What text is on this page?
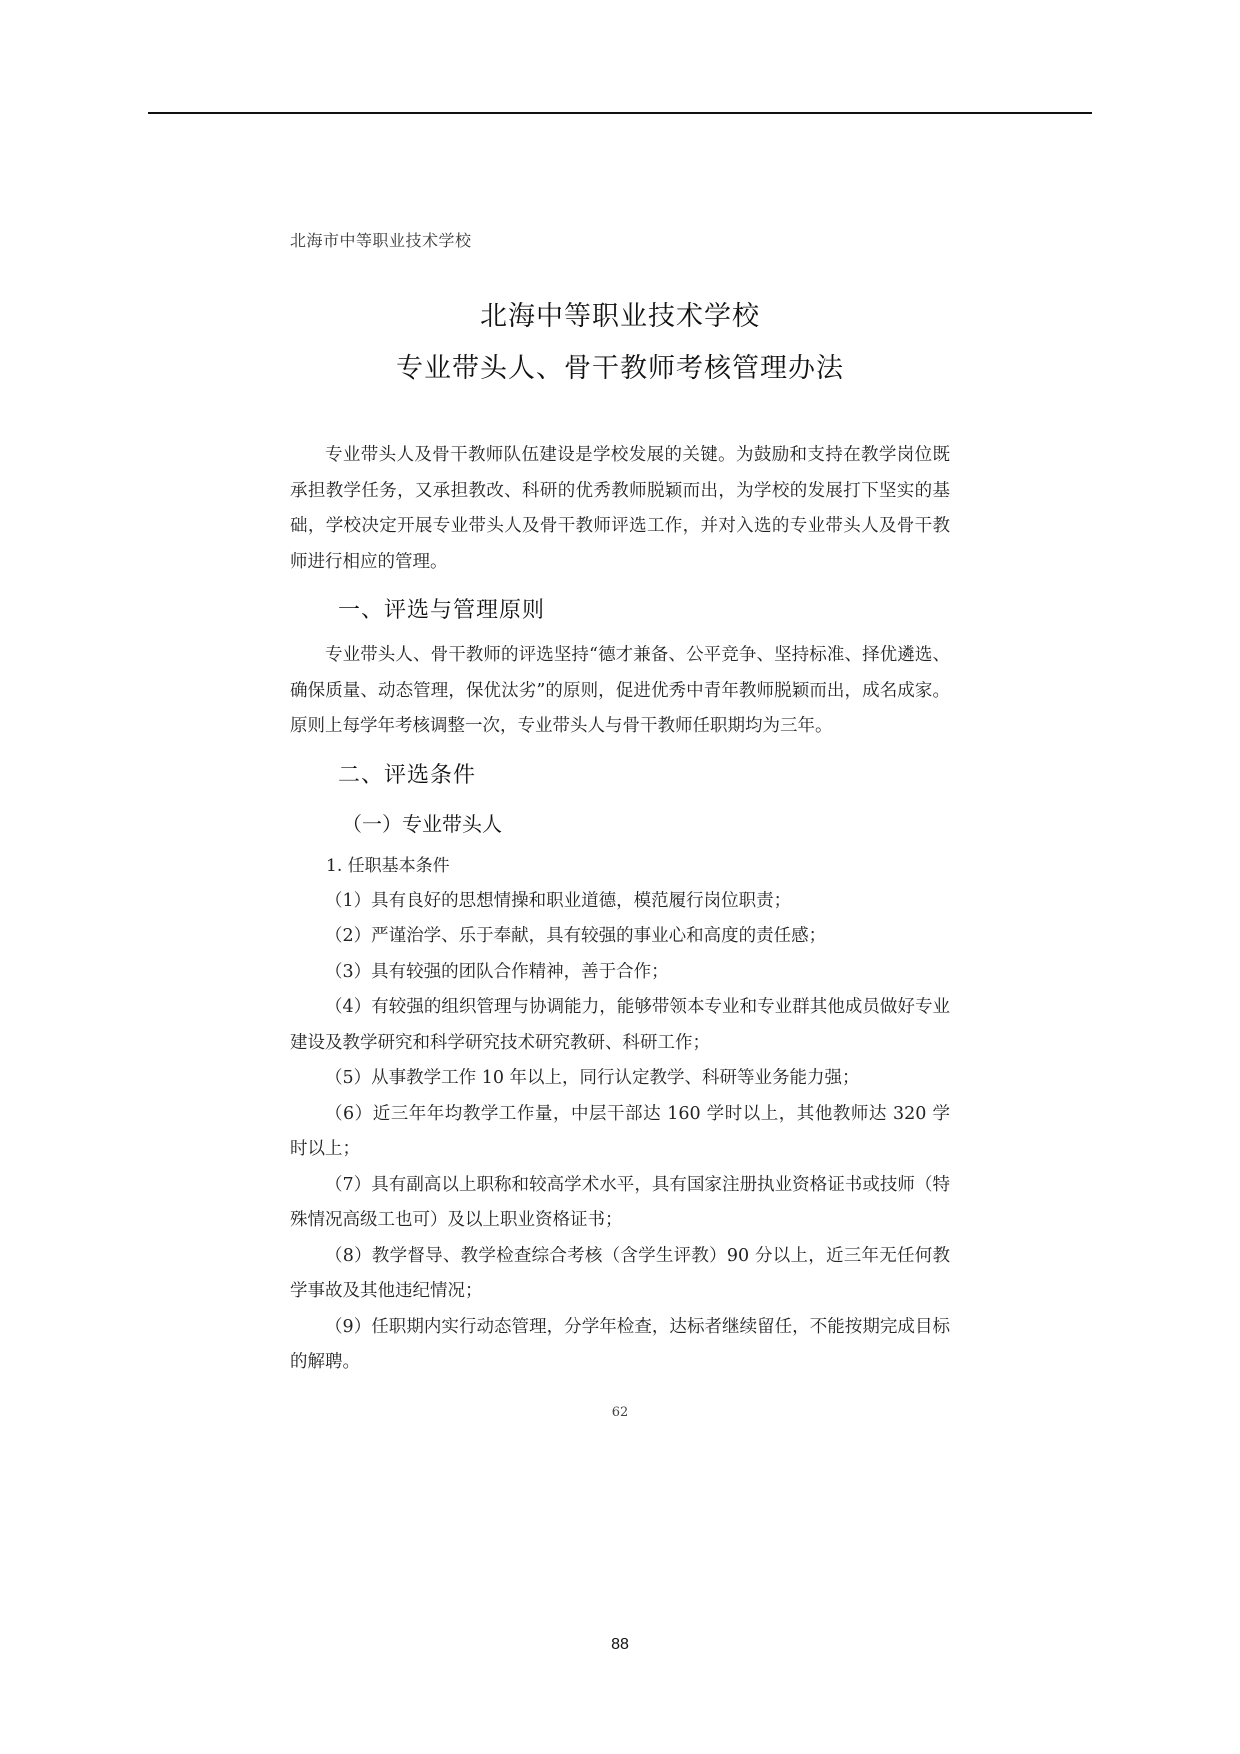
北海市中等职业技术学校
北海中等职业技术学校
专业带头人、骨干教师考核管理办法

专业带头人及骨干教师队伍建设是学校发展的关键。为鼓励和支持在教学岗位既承担教学任务，又承担教改、科研的优秀教师脱颖而出，为学校的发展打下坚实的基础，学校决定开展专业带头人及骨干教师评选工作，并对入选的专业带头人及骨干教师进行相应的管理。

一、评选与管理原则

专业带头人、骨干教师的评选坚持“德才兼备、公平竞争、坚持标准、择优遴选、确保质量、动态管理，保优汰劣”的原则，促进优秀中青年教师脱颖而出，成名成家。原则上每学年考核调整一次，专业带头人与骨干教师任职期均为三年。

二、评选条件
（一）专业带头人

1. 任职基本条件

（1）具有良好的思想情操和职业道德，模范履行岗位职责；

（2）严谨治学、乐于奉献，具有较强的事业心和高度的责任感；

（3）具有较强的团队合作精神，善于合作；

（4）有较强的组织管理与协调能力，能够带领本专业和专业群其他成员做好专业建设及教学研究和科学研究技术研究教研、科研工作；

（5）从事教学工作 10 年以上，同行认定教学、科研等业务能力强；

（6）近三年年均教学工作量，中层干部达 160 学时以上，其他教师达 320 学时以上；

（7）具有副高以上职称和较高学术水平，具有国家注册执业资格证书或技师（特殊情况高级工也可）及以上职业资格证书；

（8）教学督导、教学检查综合考核（含学生评教）90 分以上，近三年无任何教学事故及其他违纪情况；

（9）任职期内实行动态管理，分学年检查，达标者继续留任，不能按期完成目标的解聘。

62
88
